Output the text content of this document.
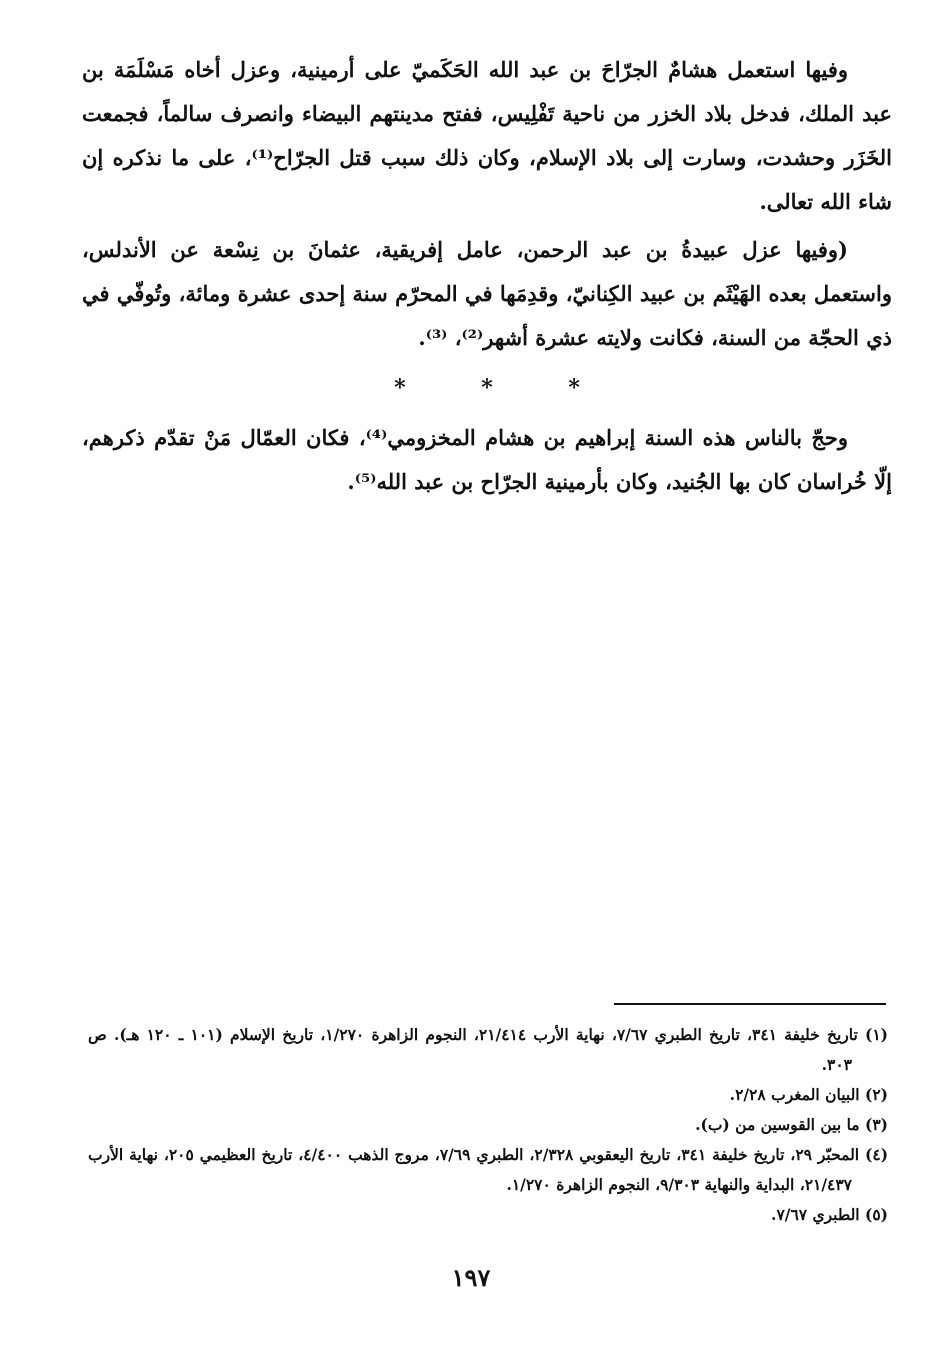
وفيها استعمل هشامٌ الجرّاحَ بن عبد الله الحَكَميّ على أرمينية، وعزل أخاه مَسْلَمَة بن عبد الملك، فدخل بلاد الخزر من ناحية تَفْلِيس، ففتح مدينتهم البيضاء وانصرف سالماً، فجمعت الخَزَر وحشدت، وسارت إلى بلاد الإسلام، وكان ذلك سبب قتل الجرّاح⁽¹⁾، على ما نذكره إن شاء الله تعالى.

(وفيها عزل عبيدةُ بن عبد الرحمن، عامل إفريقية، عثمانَ بن نِسْعة عن الأندلس، واستعمل بعده الهَيْثَم بن عبيد الكِنانيّ، وقدِمَها في المحرّم سنة إحدى عشرة ومائة، وتُوفّي في ذي الحجّة من السنة، فكانت ولايته عشرة أشهر⁽²⁾، ⁽³⁾.

* * *

وحجّ بالناس هذه السنة إبراهيم بن هشام المخزومي⁽⁴⁾، فكان العمّال مَنْ تقدّم ذكرهم، إلّا خُراسان كان بها الجُنيد، وكان بأرمينية الجرّاح بن عبد الله⁽⁵⁾.

(١) تاريخ خليفة ٣٤١، تاريخ الطبري ٧/٦٧، نهاية الأرب ٢١/٤١٤، النجوم الزاهرة ١/٢٧٠، تاريخ الإسلام (١٠١ ـ ١٢٠ هـ). ص ٣٠٣.

(٢) البيان المغرب ٢/٢٨.

(٣) ما بين القوسين من (ب).

(٤) المحبّر ٢٩، تاريخ خليفة ٣٤١، تاريخ اليعقوبي ٢/٣٢٨، الطبري ٧/٦٩، مروج الذهب ٤/٤٠٠، تاريخ العظيمي ٢٠٥، نهاية الأرب ٢١/٤٣٧، البداية والنهاية ٩/٣٠٣، النجوم الزاهرة ١/٢٧٠.

(٥) الطبري ٧/٦٧.

١٩٧
